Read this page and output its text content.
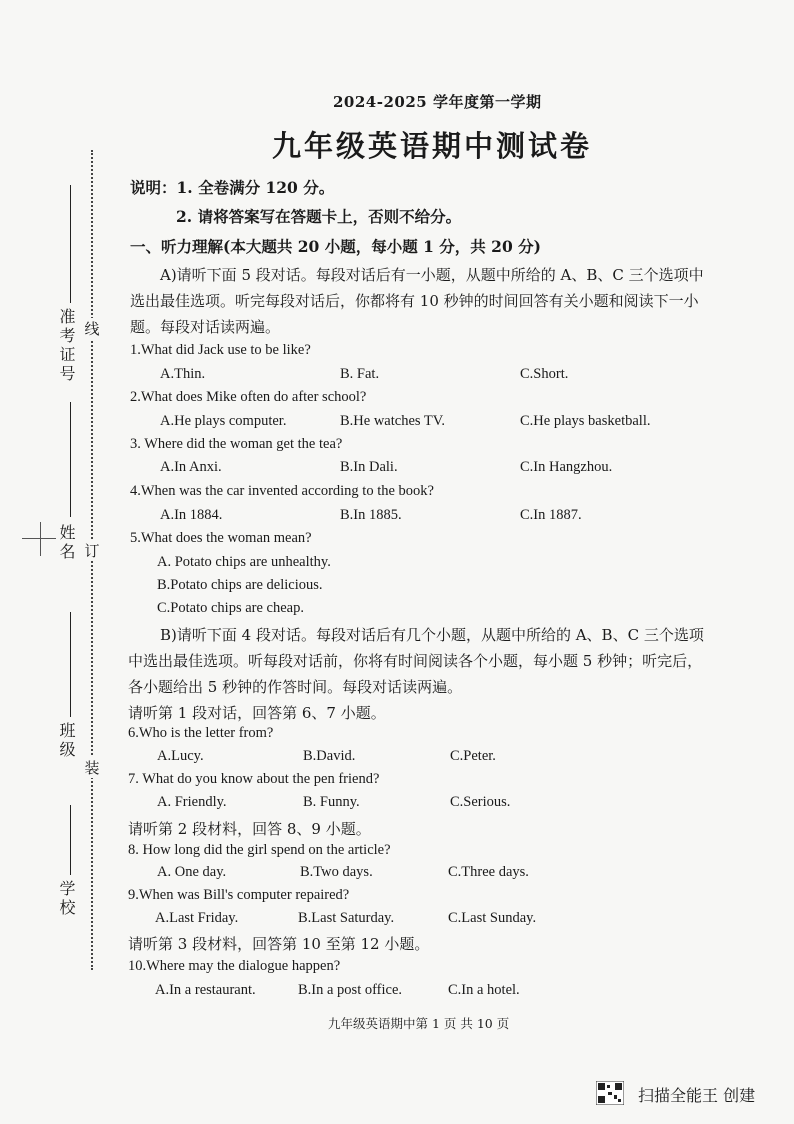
准考证号
姓名
班级
学校
线
订
装
2024-2025 学年度第一学期
九年级英语期中测试卷
说明：1. 全卷满分 120 分。
2. 请将答案写在答题卡上，否则不给分。
一、听力理解(本大题共 20 小题，每小题 1 分，共 20 分)
A)请听下面 5 段对话。每段对话后有一小题，从题中所给的 A、B、C 三个选项中
选出最佳选项。听完每段对话后，你都将有 10 秒钟的时间回答有关小题和阅读下一小
题。每段对话读两遍。
1.What did Jack use to be like?
A.Thin.	B. Fat.	C.Short.
2.What does Mike often do after school?
A.He plays computer.	B.He watches TV.	C.He plays basketball.
3. Where did the woman get the tea?
A.In Anxi.	B.In Dali.	C.In Hangzhou.
4.When was the car invented according to the book?
A.In 1884.	B.In 1885.	C.In 1887.
5.What does the woman mean?
A. Potato chips are unhealthy.
B.Potato chips are delicious.
C.Potato chips are cheap.
B)请听下面 4 段对话。每段对话后有几个小题，从题中所给的 A、B、C 三个选项
中选出最佳选项。听每段对话前，你将有时间阅读各个小题，每小题 5 秒钟；听完后，
各小题给出 5 秒钟的作答时间。每段对话读两遍。
请听第 1 段对话，回答第 6、7 小题。
6.Who is the letter from?
A.Lucy.	B.David.	C.Peter.
7. What do you know about the pen friend?
A. Friendly.	B. Funny.	C.Serious.
请听第 2 段材料，回答 8、9 小题。
8. How long did the girl spend on the article?
A. One day.	B.Two days.	C.Three days.
9.When was Bill's computer repaired?
A.Last Friday.	B.Last Saturday.	C.Last Sunday.
请听第 3 段材料，回答第 10 至第 12 小题。
10.Where may the dialogue happen?
A.In a restaurant.	B.In a post office.	C.In a hotel.
九年级英语期中第 1 页 共 10 页
扫描全能王 创建
